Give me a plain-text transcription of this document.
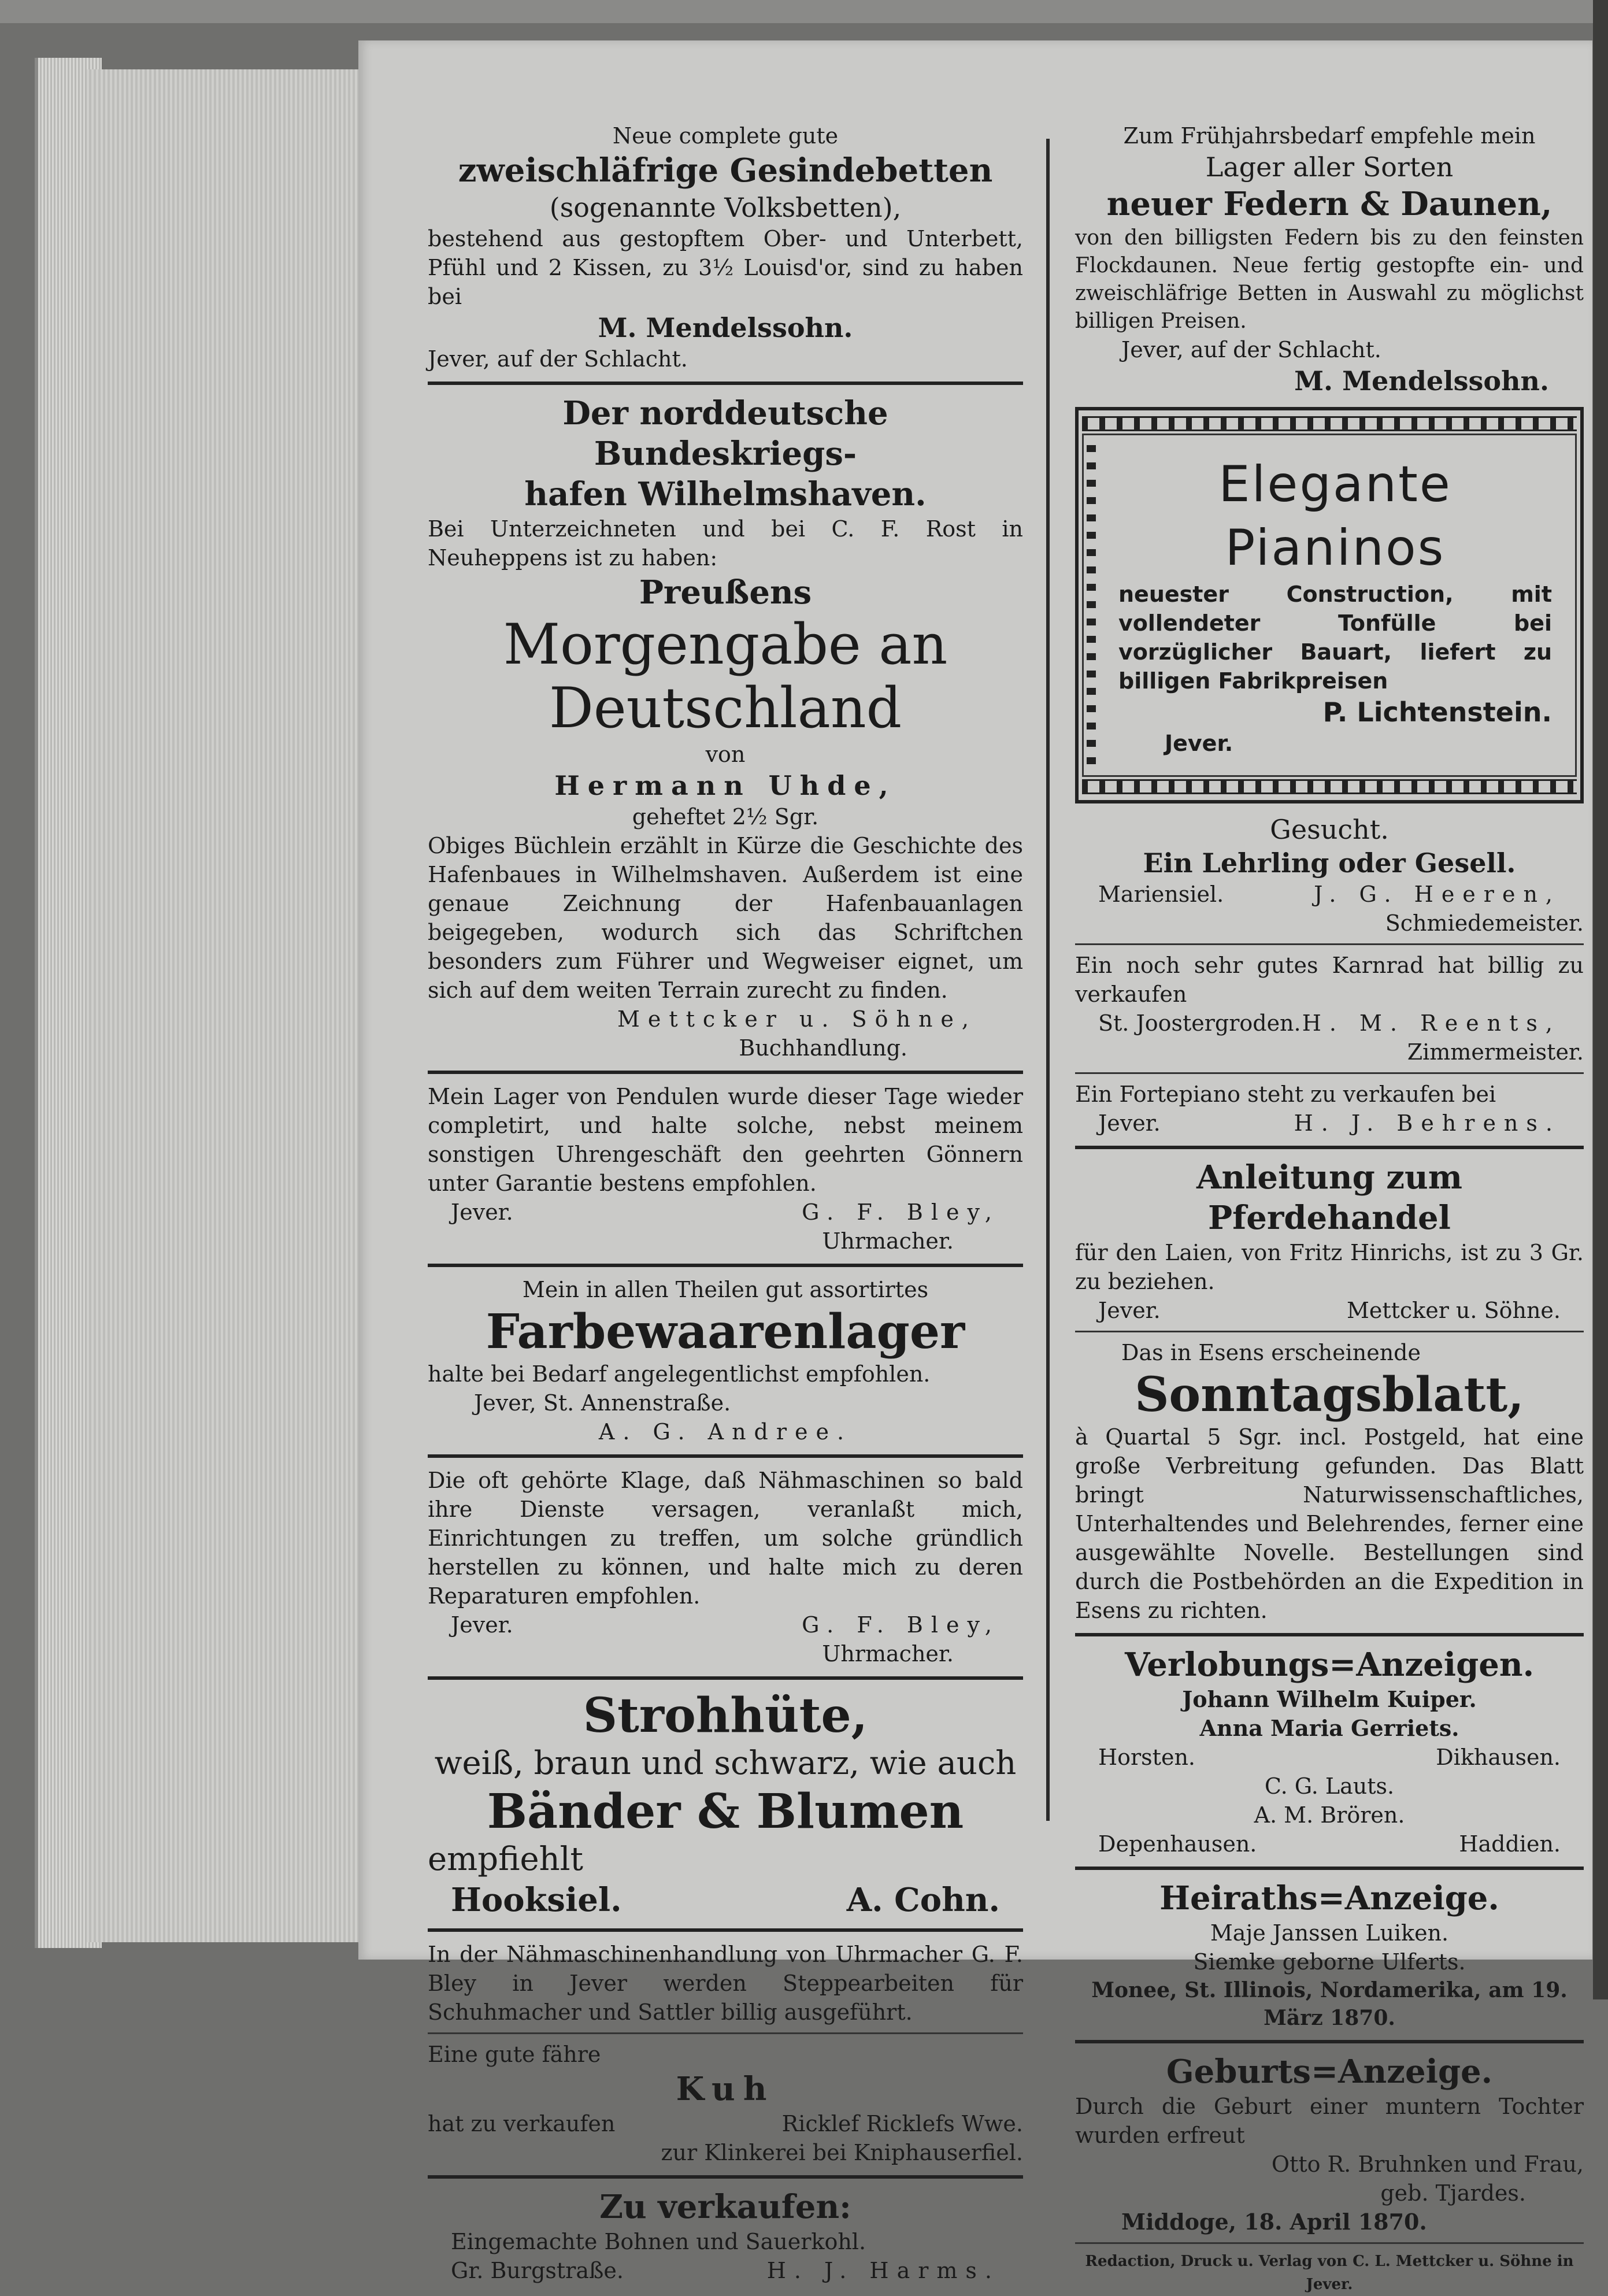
Neue complete gute
zweischläfrige Gesindebetten
(sogenannte Volksbetten),
bestehend aus gestopftem Ober- und Unterbett, Pfühl und 2 Kissen, zu 3½ Louisd'or, sind zu haben bei
M. Mendelssohn.
Jever, auf der Schlacht.
Der norddeutsche Bundeskriegs-
hafen Wilhelmshaven.
Bei Unterzeichneten und bei C. F. Rost in Neuheppens ist zu haben:
Preußens
Morgengabe an Deutschland
von
Hermann Uhde,
geheftet 2½ Sgr.
Obiges Büchlein erzählt in Kürze die Geschichte des Hafenbaues in Wilhelmshaven. Außerdem ist eine genaue Zeichnung der Hafenbauanlagen beigegeben, wodurch sich das Schriftchen besonders zum Führer und Wegweiser eignet, um sich auf dem weiten Terrain zurecht zu finden.
Mettcker u. Söhne,
Buchhandlung.
Mein Lager von Pendulen wurde dieser Tage wieder completirt, und halte solche, nebst meinem sonstigen Uhrengeschäft den geehrten Gönnern unter Garantie bestens empfohlen.
Jever.	G. F. Bley,
Uhrmacher.
Mein in allen Theilen gut assortirtes
Farbewaarenlager
halte bei Bedarf angelegentlichst empfohlen.
Jever, St. Annenstraße.
A. G. Andree.
Die oft gehörte Klage, daß Nähmaschinen so bald ihre Dienste versagen, veranlaßt mich, Einrichtungen zu treffen, um solche gründlich herstellen zu können, und halte mich zu deren Reparaturen empfohlen.
Jever.	G. F. Bley,
Uhrmacher.
Strohhüte,
weiß, braun und schwarz, wie auch
Bänder & Blumen
empfiehlt
Hooksiel.	A. Cohn.
In der Nähmaschinenhandlung von Uhrmacher G. F. Bley in Jever werden Steppearbeiten für Schuhmacher und Sattler billig ausgeführt.
Eine gute fähre
Kuh
hat zu verkaufen	Ricklef Ricklefs Wwe.
zur Klinkerei bei Kniphauserfiel.
Zu verkaufen:
Eingemachte Bohnen und Sauerkohl.
Gr. Burgstraße.	H. J. Harms.
Zum Frühjahrsbedarf empfehle mein
Lager aller Sorten
neuer Federn & Daunen,
von den billigsten Federn bis zu den feinsten Flockdaunen. Neue fertig gestopfte ein- und zweischläfrige Betten in Auswahl zu möglichst billigen Preisen.
Jever, auf der Schlacht.
M. Mendelssohn.
Elegante Pianinos
neuester Construction, mit vollendeter Tonfülle bei vorzüglicher Bauart, liefert zu billigen Fabrikpreisen
P. Lichtenstein.
Jever.
Gesucht.
Ein Lehrling oder Gesell.
Mariensiel.	J. G. Heeren,
Schmiedemeister.
Ein noch sehr gutes Karnrad hat billig zu verkaufen
St. Joostergroden. H. M. Reents,
Zimmermeister.
Ein Fortepiano steht zu verkaufen bei
Jever.	H. J. Behrens.
Anleitung zum Pferdehandel
für den Laien, von Fritz Hinrichs, ist zu 3 Gr. zu beziehen.
Jever.	Mettcker u. Söhne.
Das in Esens erscheinende
Sonntagsblatt,
à Quartal 5 Sgr. incl. Postgeld, hat eine große Verbreitung gefunden. Das Blatt bringt Naturwissenschaftliches, Unterhaltendes und Belehrendes, ferner eine ausgewählte Novelle. Bestellungen sind durch die Postbehörden an die Expedition in Esens zu richten.
Verlobungs=Anzeigen.
Johann Wilhelm Kuiper.
Anna Maria Gerriets.
Horsten.	Dikhausen.
C. G. Lauts.
A. M. Brören.
Depenhausen.	Haddien.
Heiraths=Anzeige.
Maje Janssen Luiken.
Siemke geborne Ulferts.
Monee, St. Illinois, Nordamerika, am 19. März 1870.
Geburts=Anzeige.
Durch die Geburt einer muntern Tochter wurden erfreut
Otto R. Bruhnken und Frau,
geb. Tjardes.
Middoge, 18. April 1870.
Redaction, Druck u. Verlag von C. L. Mettcker u. Söhne in Jever.
